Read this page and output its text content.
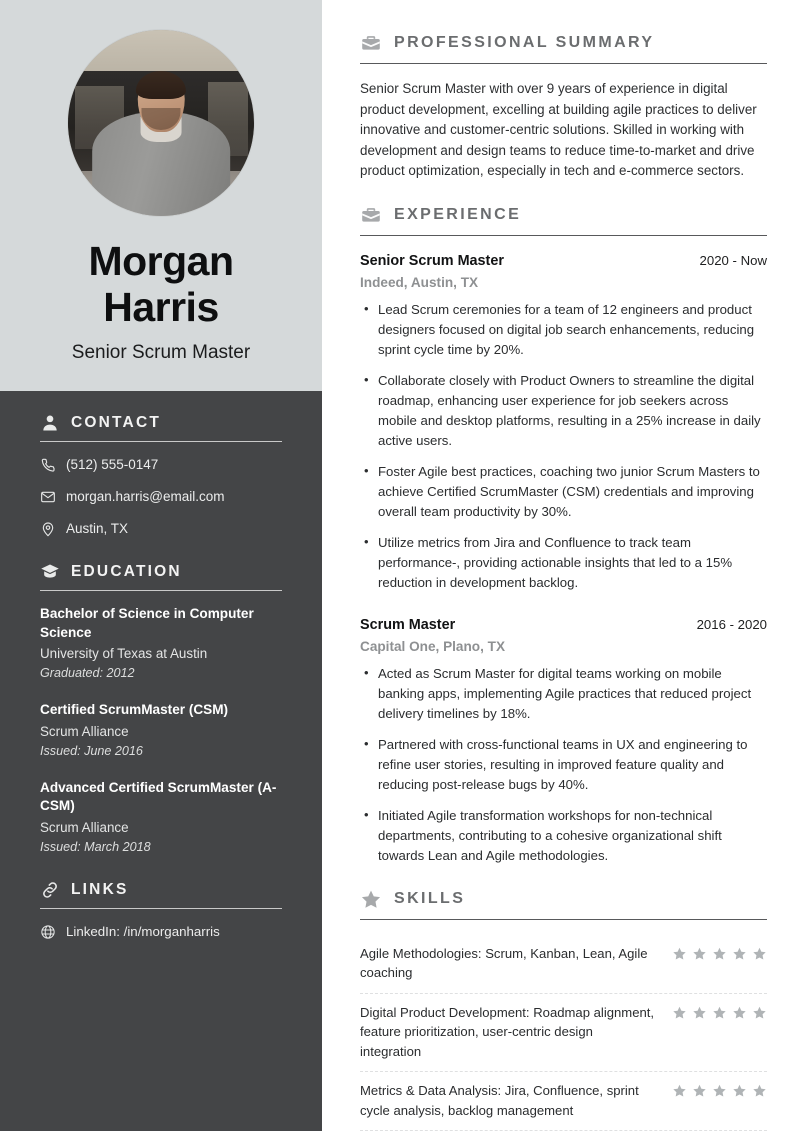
Morgan
Harris
Senior Scrum Master
CONTACT
(512) 555-0147
morgan.harris@email.com
Austin, TX
EDUCATION
Bachelor of Science in Computer Science
University of Texas at Austin
Graduated: 2012
Certified ScrumMaster (CSM)
Scrum Alliance
Issued: June 2016
Advanced Certified ScrumMaster (A-CSM)
Scrum Alliance
Issued: March 2018
LINKS
LinkedIn: /in/morganharris
PROFESSIONAL SUMMARY

Senior Scrum Master with over 9 years of experience in digital product development, excelling at building agile practices to deliver innovative and customer-centric solutions. Skilled in working with development and design teams to reduce time-to-market and drive product optimization, especially in tech and e-commerce sectors.

EXPERIENCE
Senior Scrum Master	2020 - Now
Indeed, Austin, TX
• Lead Scrum ceremonies for a team of 12 engineers and product designers focused on digital job search enhancements, reducing sprint cycle time by 20%.
• Collaborate closely with Product Owners to streamline the digital roadmap, enhancing user experience for job seekers across mobile and desktop platforms, resulting in a 25% increase in daily active users.
• Foster Agile best practices, coaching two junior Scrum Masters to achieve Certified ScrumMaster (CSM) credentials and improving overall team productivity by 30%.
• Utilize metrics from Jira and Confluence to track team performance-, providing actionable insights that led to a 15% reduction in development backlog.
Scrum Master	2016 - 2020
Capital One, Plano, TX
• Acted as Scrum Master for digital teams working on mobile banking apps, implementing Agile practices that reduced project delivery timelines by 18%.
• Partnered with cross-functional teams in UX and engineering to refine user stories, resulting in improved feature quality and reducing post-release bugs by 40%.
• Initiated Agile transformation workshops for non-technical departments, contributing to a cohesive organizational shift towards Lean and Agile methodologies.
SKILLS
Agile Methodologies: Scrum, Kanban, Lean, Agile coaching
Digital Product Development: Roadmap alignment, feature prioritization, user-centric design integration
Metrics & Data Analysis: Jira, Confluence, sprint cycle analysis, backlog management
